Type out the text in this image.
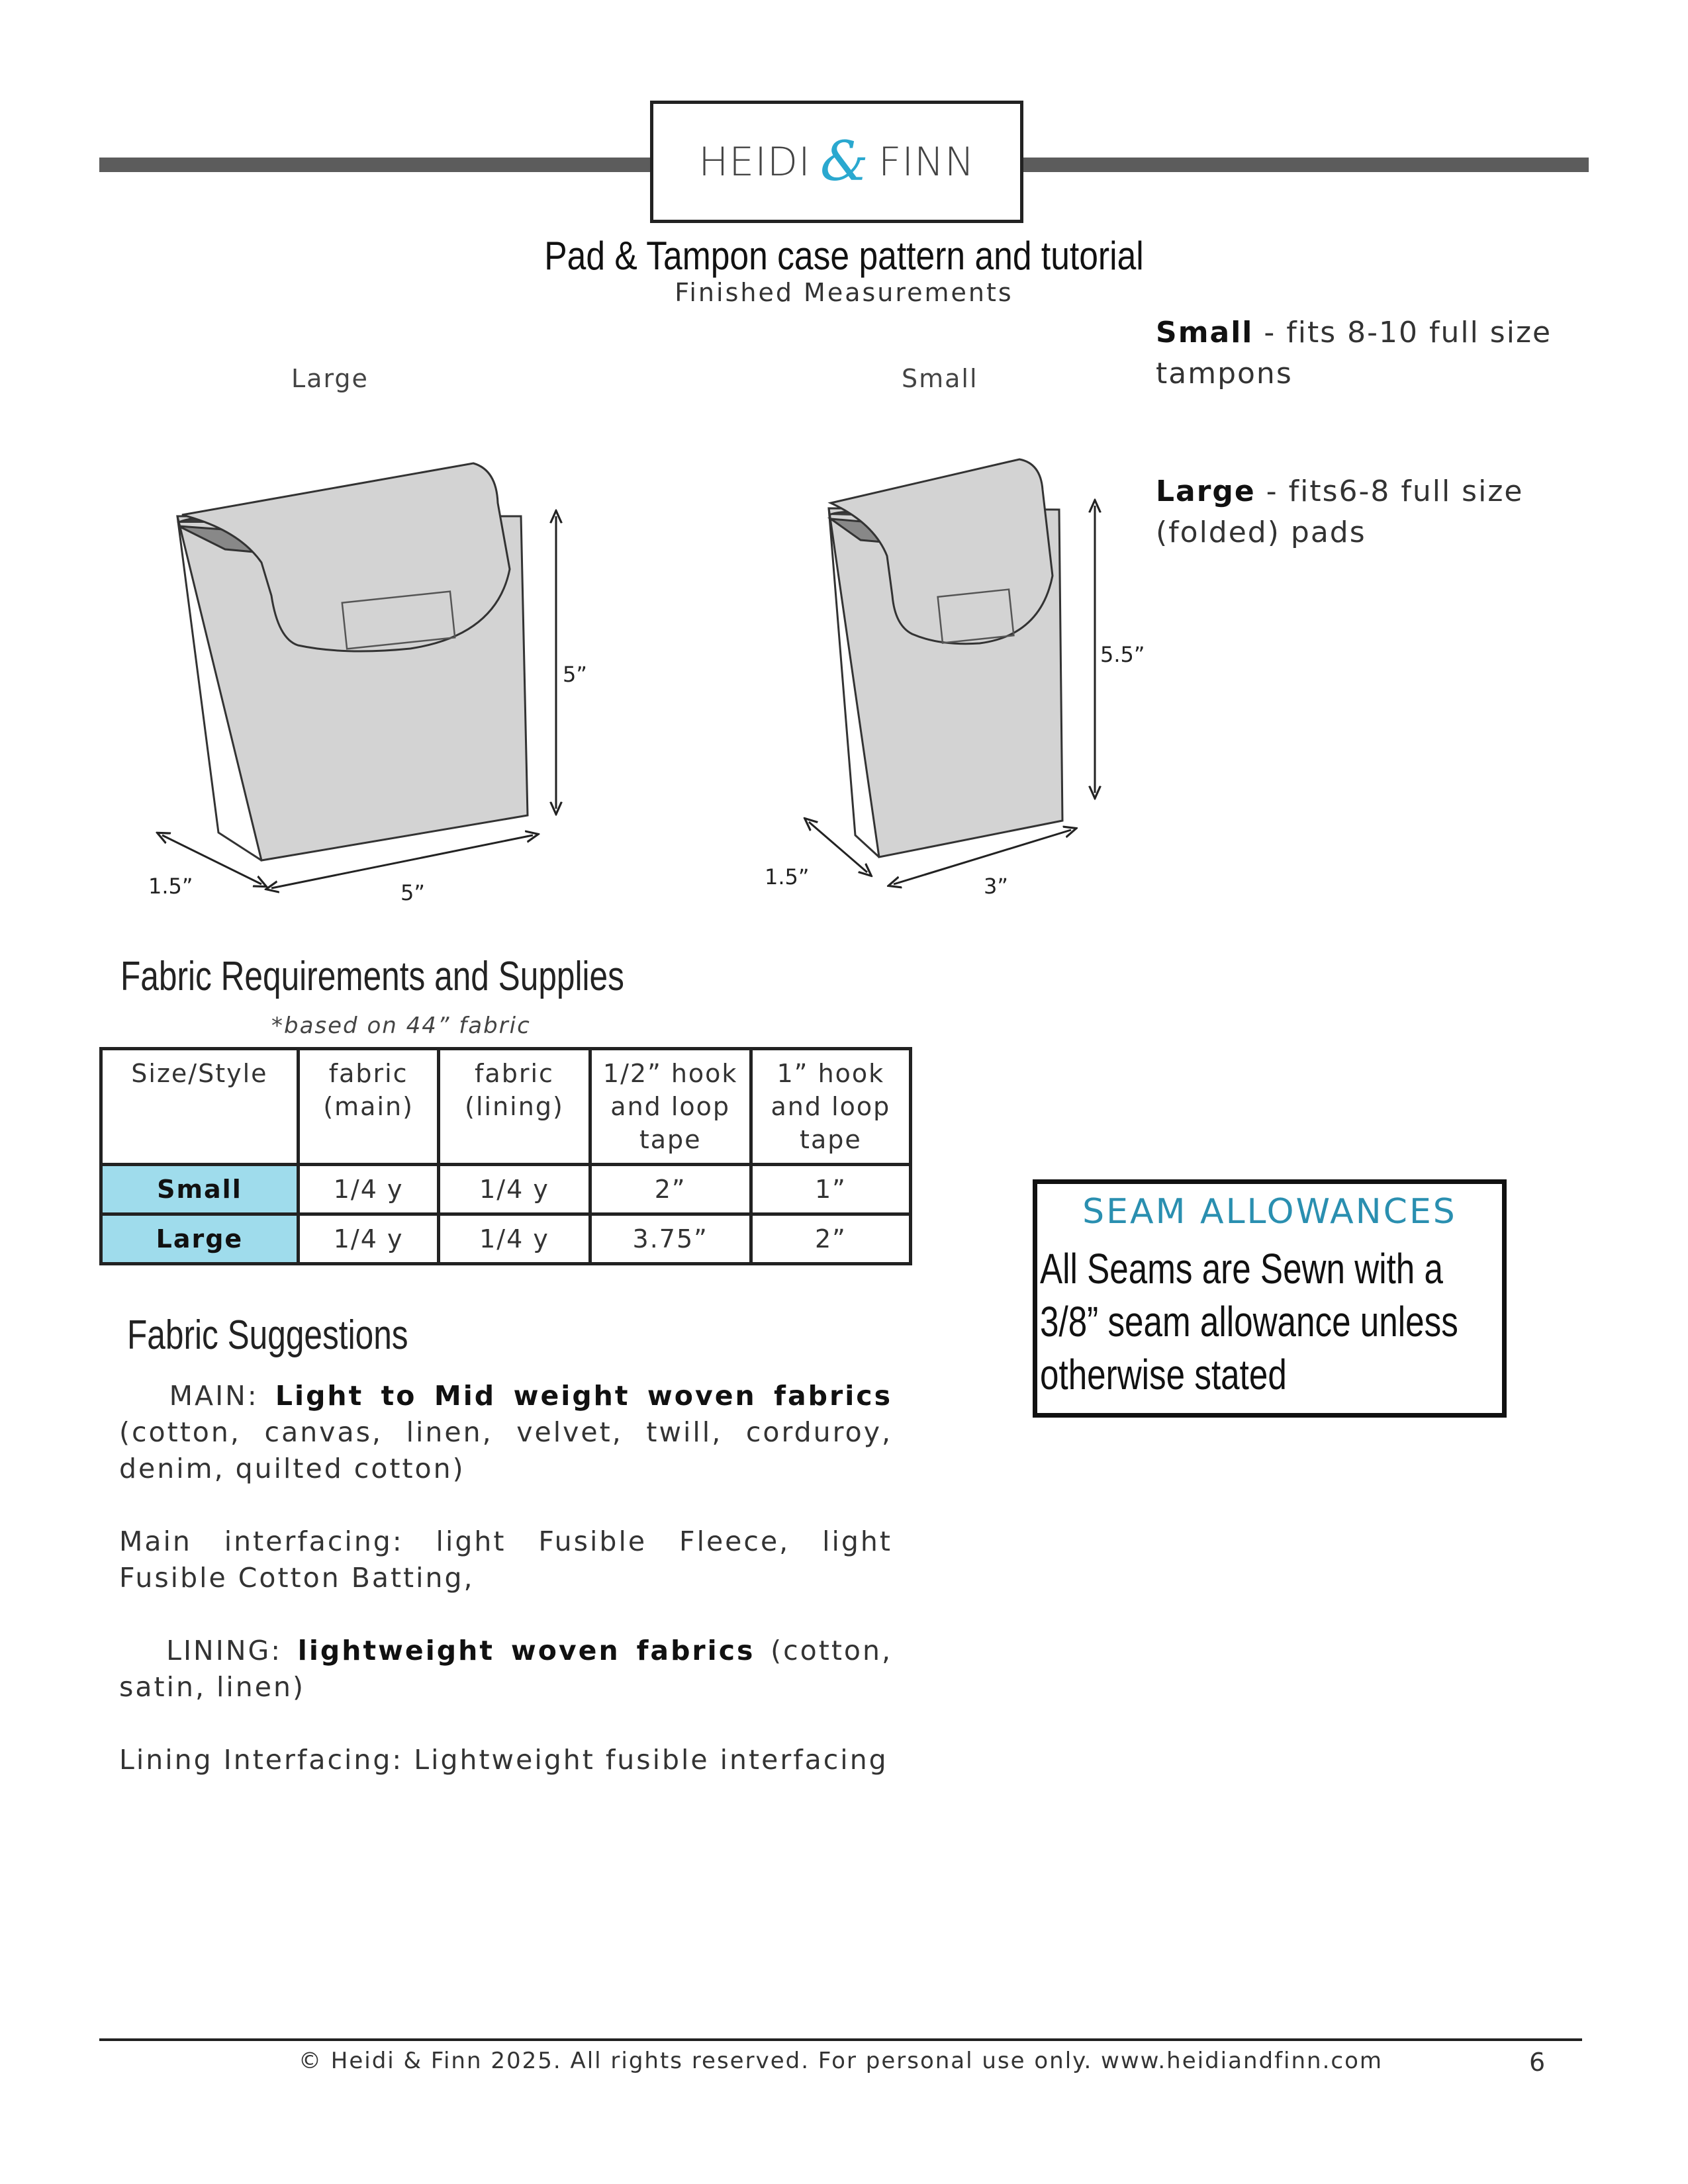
HEIDI & FINN
Pad & Tampon case pattern and tutorial
Finished Measurements
Small - fits 8-10 full size tampons
Large - fits6-8 full size (folded) pads
Large	Small
5”
1.5”	5”
5.5”
1.5”	3”
Fabric Requirements and Supplies
*based on 44” fabric
Size/Style	fabric (main)	fabric (lining)	1/2” hook and loop tape	1” hook and loop tape
Small	1/4 y	1/4 y	2”	1”
Large	1/4 y	1/4 y	3.75”	2”
Fabric Suggestions

MAIN: Light to Mid weight woven fabrics (cotton, canvas, linen, velvet, twill, corduroy, denim, quilted cotton)

Main interfacing: light Fusible Fleece, light Fusible Cotton Batting,

LINING: lightweight woven fabrics (cotton, satin, linen)

Lining Interfacing: Lightweight fusible interfacing

SEAM ALLOWANCES
All Seams are Sewn with a
3/8” seam allowance unless
otherwise stated
© Heidi & Finn 2025. All rights reserved. For personal use only. www.heidiandfinn.com	6
